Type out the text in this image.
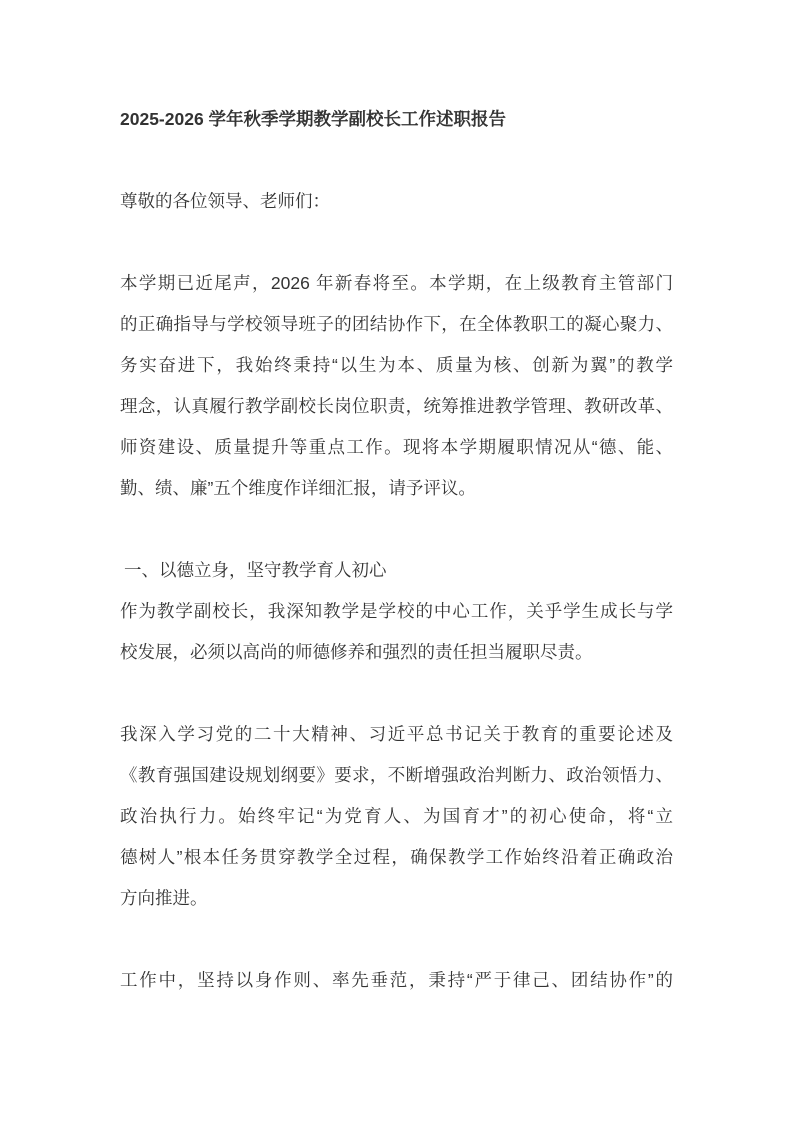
2025-2026 学年秋季学期教学副校长工作述职报告
尊敬的各位领导、老师们：
本学期已近尾声，2026 年新春将至。本学期，在上级教育主管部门
的正确指导与学校领导班子的团结协作下，在全体教职工的凝心聚力、
务实奋进下，我始终秉持“以生为本、质量为核、创新为翼”的教学
理念，认真履行教学副校长岗位职责，统筹推进教学管理、教研改革、
师资建设、质量提升等重点工作。现将本学期履职情况从“德、能、
勤、绩、廉”五个维度作详细汇报，请予评议。
一、以德立身，坚守教学育人初心
作为教学副校长，我深知教学是学校的中心工作，关乎学生成长与学
校发展，必须以高尚的师德修养和强烈的责任担当履职尽责。
我深入学习党的二十大精神、习近平总书记关于教育的重要论述及
《教育强国建设规划纲要》要求，不断增强政治判断力、政治领悟力、
政治执行力。始终牢记“为党育人、为国育才”的初心使命，将“立
德树人”根本任务贯穿教学全过程，确保教学工作始终沿着正确政治
方向推进。
工作中，坚持以身作则、率先垂范，秉持“严于律己、团结协作”的
